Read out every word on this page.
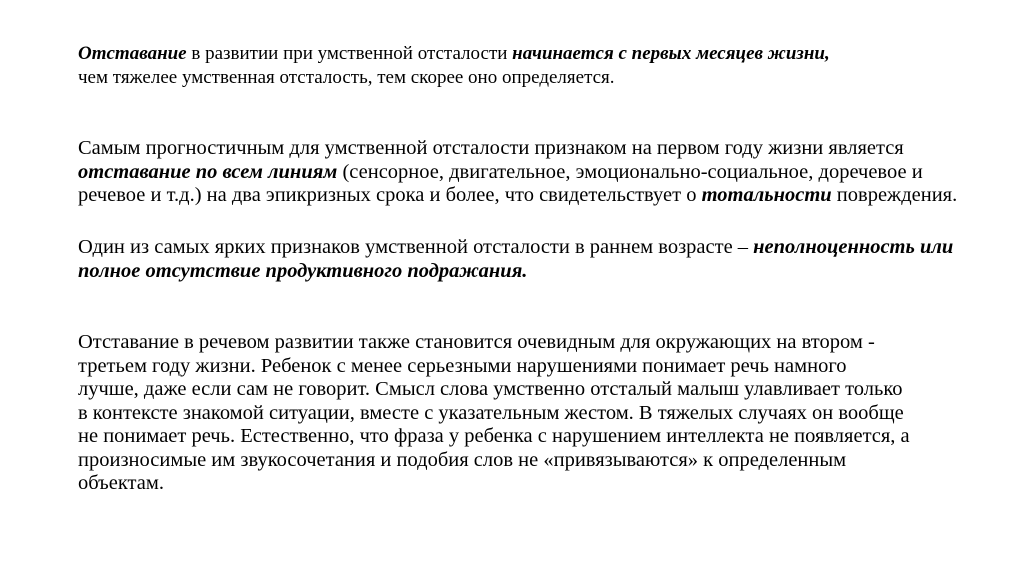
Отставание в развитии при умственной отсталости начинается с первых месяцев жизни,
чем тяжелее умственная отсталость, тем скорее оно определяется.

Самым прогностичным для умственной отсталости признаком на первом году жизни является отставание по всем линиям (сенсорное, двигательное, эмоционально-социальное, доречевое и речевое и т.д.) на два эпикризных срока и более, что свидетельствует о тотальности повреждения.

Один из самых ярких признаков умственной отсталости в раннем возрасте – неполноценность или полное отсутствие продуктивного подражания.

Отставание в речевом развитии также становится очевидным для окружающих на втором -
третьем году жизни. Ребенок с менее серьезными нарушениями понимает речь намного
лучше, даже если сам не говорит. Смысл слова умственно отсталый малыш улавливает только
в контексте знакомой ситуации, вместе с указательным жестом. В тяжелых случаях он вообще
не понимает речь. Естественно, что фраза у ребенка с нарушением интеллекта не появляется, а
произносимые им звукосочетания и подобия слов не «привязываются» к определенным
объектам.
